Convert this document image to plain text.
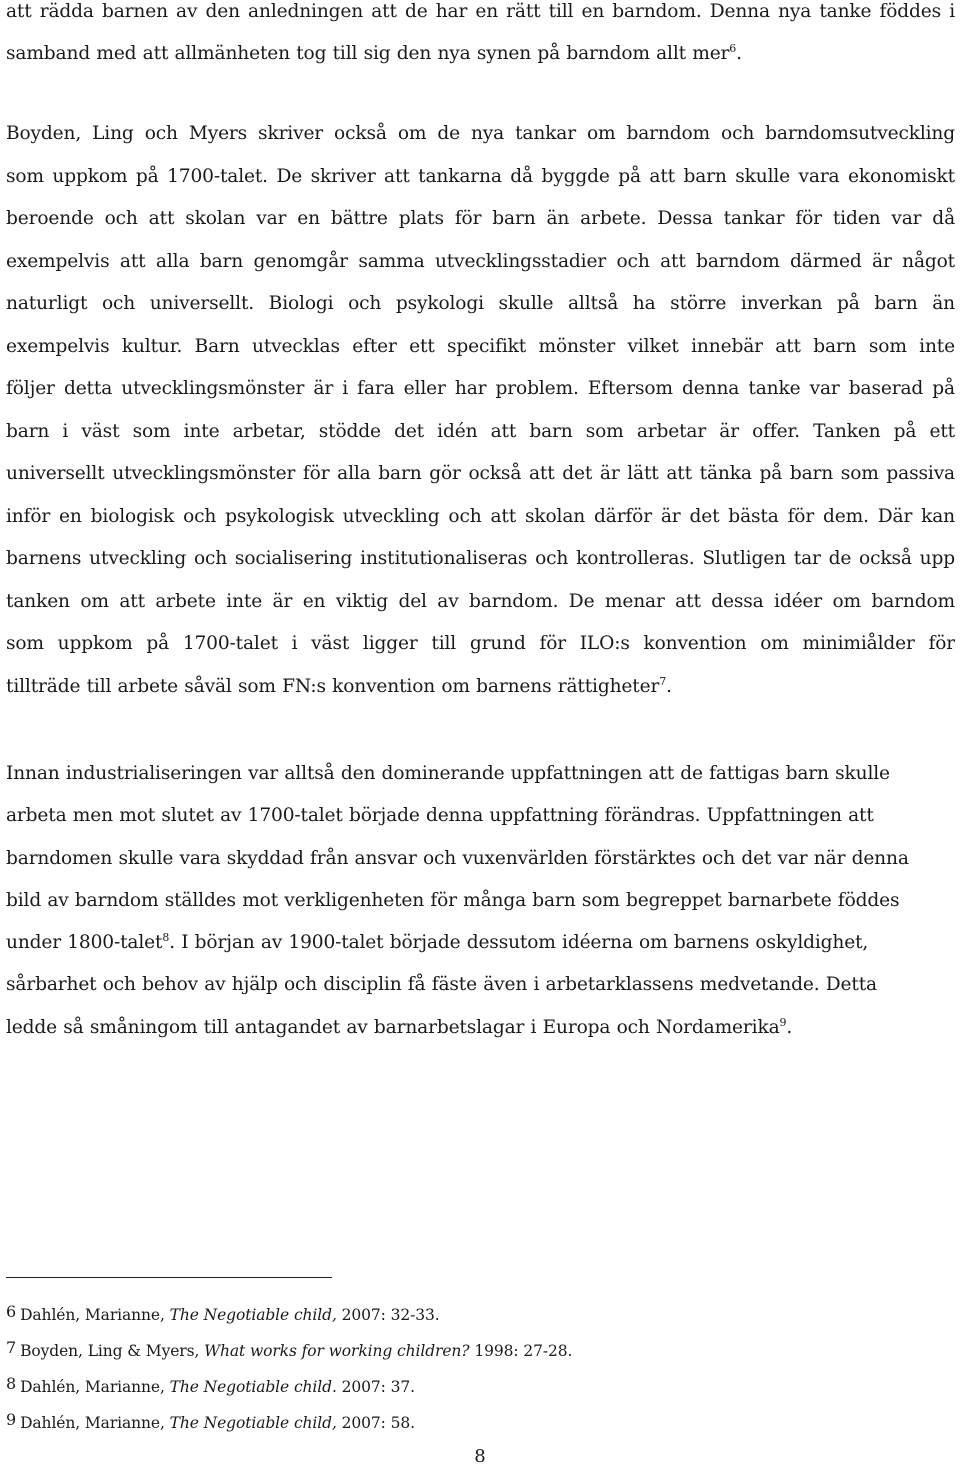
att rädda barnen av den anledningen att de har en rätt till en barndom. Denna nya tanke föddes i
samband med att allmänheten tog till sig den nya synen på barndom allt mer$^6$.

Boyden, Ling och Myers skriver också om de nya tankar om barndom och barndomsutveckling
som uppkom på 1700-talet. De skriver att tankarna då byggde på att barn skulle vara ekonomiskt
beroende och att skolan var en bättre plats för barn än arbete. Dessa tankar för tiden var då
exempelvis att alla barn genomgår samma utvecklingsstadier och att barndom därmed är något
naturligt och universellt. Biologi och psykologi skulle alltså ha större inverkan på barn än
exempelvis kultur. Barn utvecklas efter ett specifikt mönster vilket innebär att barn som inte
följer detta utvecklingsmönster är i fara eller har problem. Eftersom denna tanke var baserad på
barn i väst som inte arbetar, stödde det idén att barn som arbetar är offer. Tanken på ett
universellt utvecklingsmönster för alla barn gör också att det är lätt att tänka på barn som passiva
inför en biologisk och psykologisk utveckling och att skolan därför är det bästa för dem. Där kan
barnens utveckling och socialisering institutionaliseras och kontrolleras. Slutligen tar de också upp
tanken om att arbete inte är en viktig del av barndom. De menar att dessa idéer om barndom
som uppkom på 1700-talet i väst ligger till grund för ILO:s konvention om minimiålder för
tillträde till arbete såväl som FN:s konvention om barnens rättigheter$^7$.

Innan industrialiseringen var alltså den dominerande uppfattningen att de fattigas barn skulle
arbeta men mot slutet av 1700-talet började denna uppfattning förändras. Uppfattningen att
barndomen skulle vara skyddad från ansvar och vuxenvärlden förstärktes och det var när denna
bild av barndom ställdes mot verkligenheten för många barn som begreppet barnarbete föddes
under 1800-talet$^8$. I början av 1900-talet började dessutom idéerna om barnens oskyldighet,
sårbarhet och behov av hjälp och disciplin få fäste även i arbetarklassens medvetande. Detta
ledde så småningom till antagandet av barnarbetslagar i Europa och Nordamerika$^9$.

6 Dahlén, Marianne, The Negotiable child, 2007: 32-33.
7 Boyden, Ling & Myers, What works for working children? 1998: 27-28.
8 Dahlén, Marianne, The Negotiable child. 2007: 37.
9 Dahlén, Marianne, The Negotiable child, 2007: 58.
8
